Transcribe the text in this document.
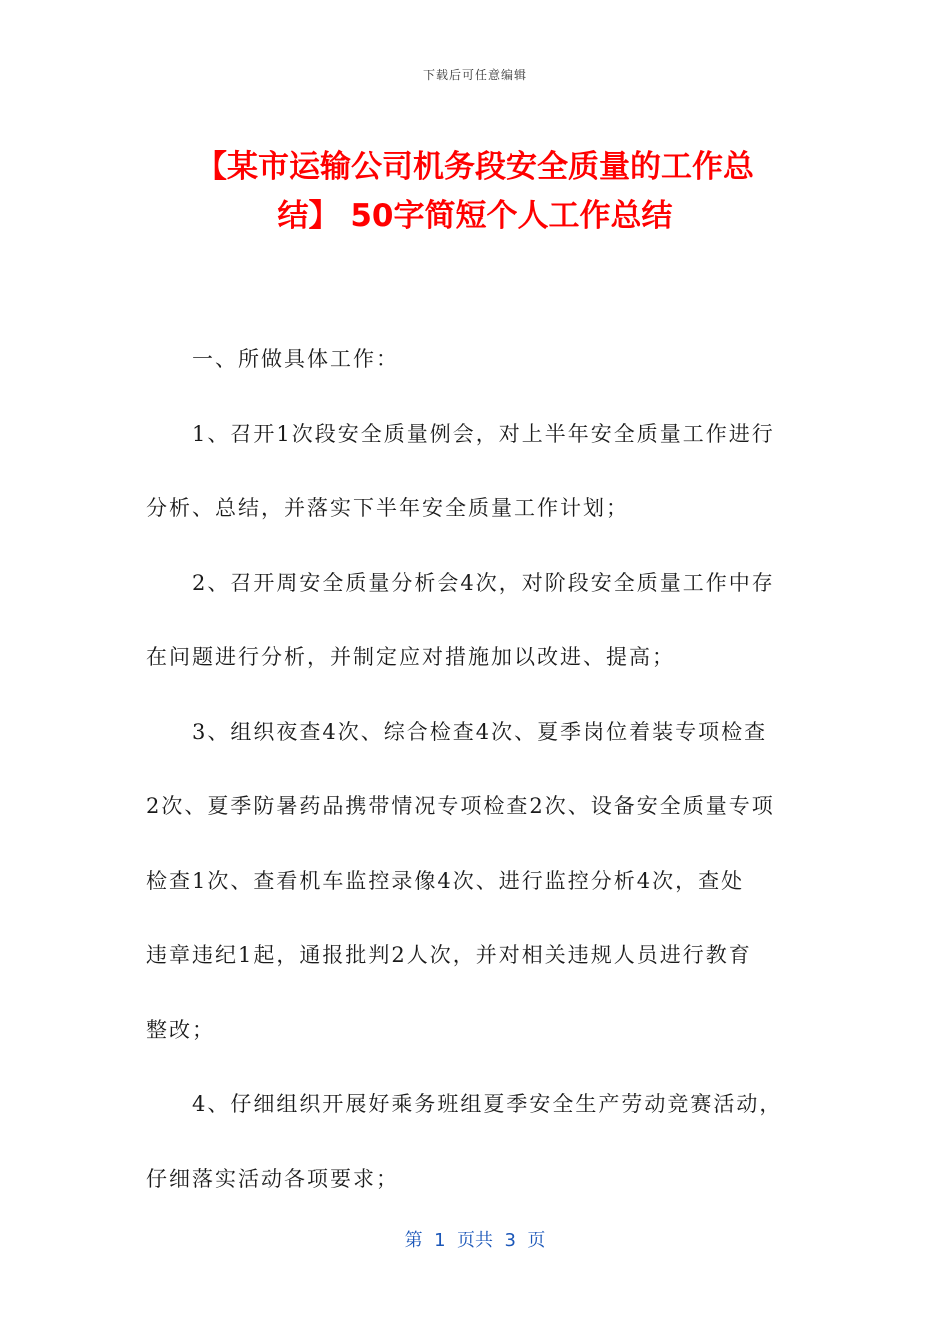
下载后可任意编辑
【某市运输公司机务段安全质量的工作总
结】 50字简短个人工作总结
一、所做具体工作：
1、召开1次段安全质量例会，对上半年安全质量工作进行
分析、总结，并落实下半年安全质量工作计划；
2、召开周安全质量分析会4次，对阶段安全质量工作中存
在问题进行分析，并制定应对措施加以改进、提高；
3、组织夜查4次、综合检查4次、夏季岗位着装专项检查
2次、夏季防暑药品携带情况专项检查2次、设备安全质量专项
检查1次、查看机车监控录像4次、进行监控分析4次，查处
违章违纪1起，通报批判2人次，并对相关违规人员进行教育
整改；
4、仔细组织开展好乘务班组夏季安全生产劳动竞赛活动，
仔细落实活动各项要求；
第  1  页共  3  页
